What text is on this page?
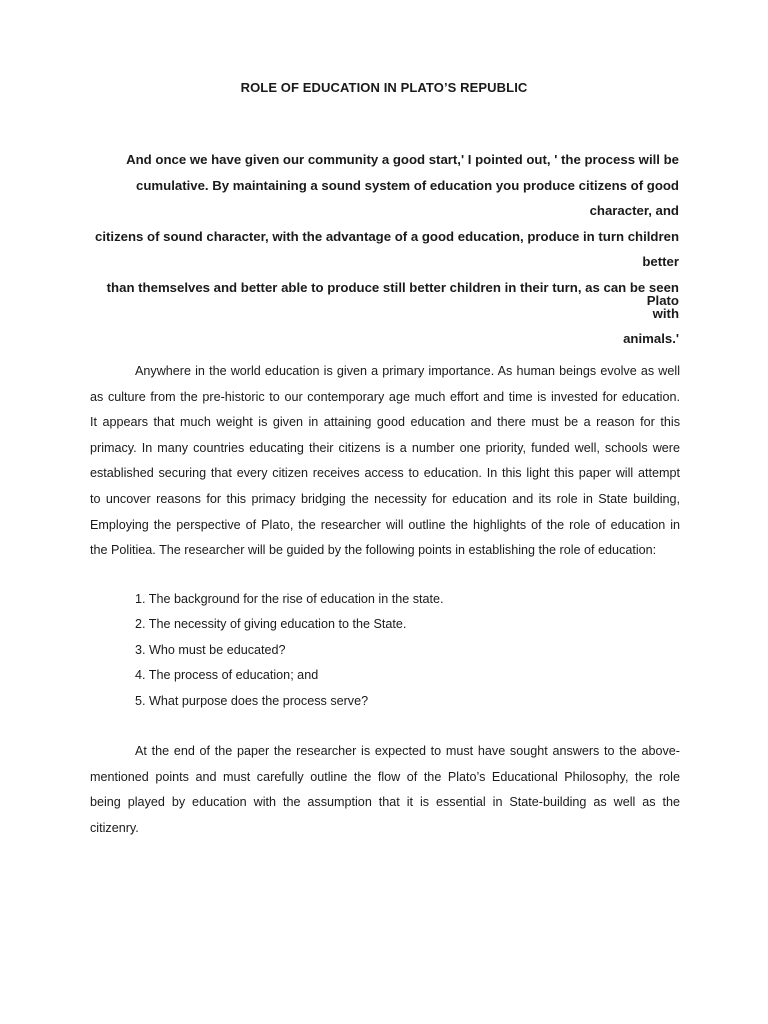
ROLE OF EDUCATION IN PLATO’S REPUBLIC
And once we have given our community a good start,' I pointed out, ' the process will be
cumulative. By maintaining a sound system of education you produce citizens of good character, and
citizens of sound character, with the advantage of a good education, produce in turn children better
than themselves and better able to produce still better children in their turn, as can be seen with
animals.'
Plato
Anywhere in the world education is given a primary importance. As human beings evolve as well
as culture from the pre-historic to our contemporary age much effort and time is invested for education.
It appears that much weight is given in attaining good education and there must be a reason for this
primacy. In many countries educating their citizens is a number one priority, funded well, schools were
established securing that every citizen receives access to education. In this light this paper will attempt
to uncover reasons for this primacy bridging the necessity for education and its role in State building,
Employing the perspective of Plato, the researcher will outline the highlights of the role of education in
the Politiea. The researcher will be guided by the following points in establishing the role of education:
1. The background for the rise of education in the state.
2. The necessity of giving education to the State.
3. Who must be educated?
4. The process of education; and
5. What purpose does the process serve?
At the end of the paper the researcher is expected to must have sought answers to the above-
mentioned points and must carefully outline the flow of the Plato’s Educational Philosophy, the role
being played by education with the assumption that it is essential in State-building as well as the
citizenry.
